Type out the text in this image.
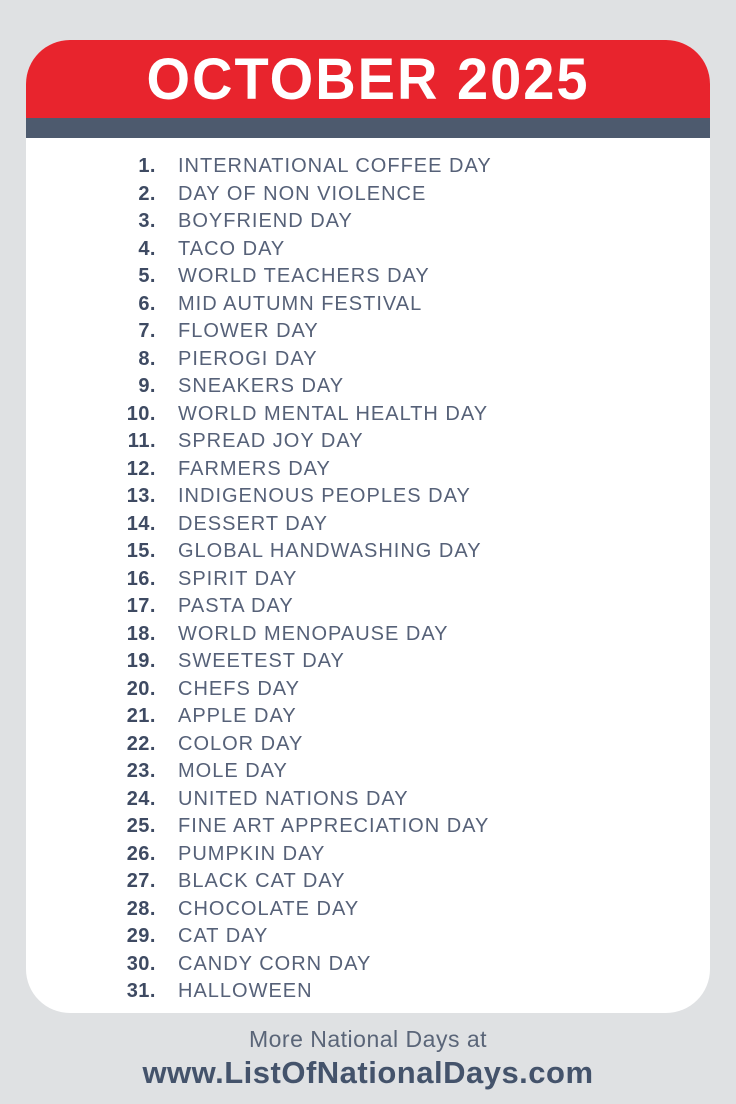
OCTOBER 2025
1. INTERNATIONAL COFFEE DAY
2. DAY OF NON VIOLENCE
3. BOYFRIEND DAY
4. TACO DAY
5. WORLD TEACHERS DAY
6. MID AUTUMN FESTIVAL
7. FLOWER DAY
8. PIEROGI DAY
9. SNEAKERS DAY
10. WORLD MENTAL HEALTH DAY
11. SPREAD JOY DAY
12. FARMERS DAY
13. INDIGENOUS PEOPLES DAY
14. DESSERT DAY
15. GLOBAL HANDWASHING DAY
16. SPIRIT DAY
17. PASTA DAY
18. WORLD MENOPAUSE DAY
19. SWEETEST DAY
20. CHEFS DAY
21. APPLE DAY
22. COLOR DAY
23. MOLE DAY
24. UNITED NATIONS DAY
25. FINE ART APPRECIATION DAY
26. PUMPKIN DAY
27. BLACK CAT DAY
28. CHOCOLATE DAY
29. CAT DAY
30. CANDY CORN DAY
31. HALLOWEEN
More National Days at
www.ListOfNationalDays.com
